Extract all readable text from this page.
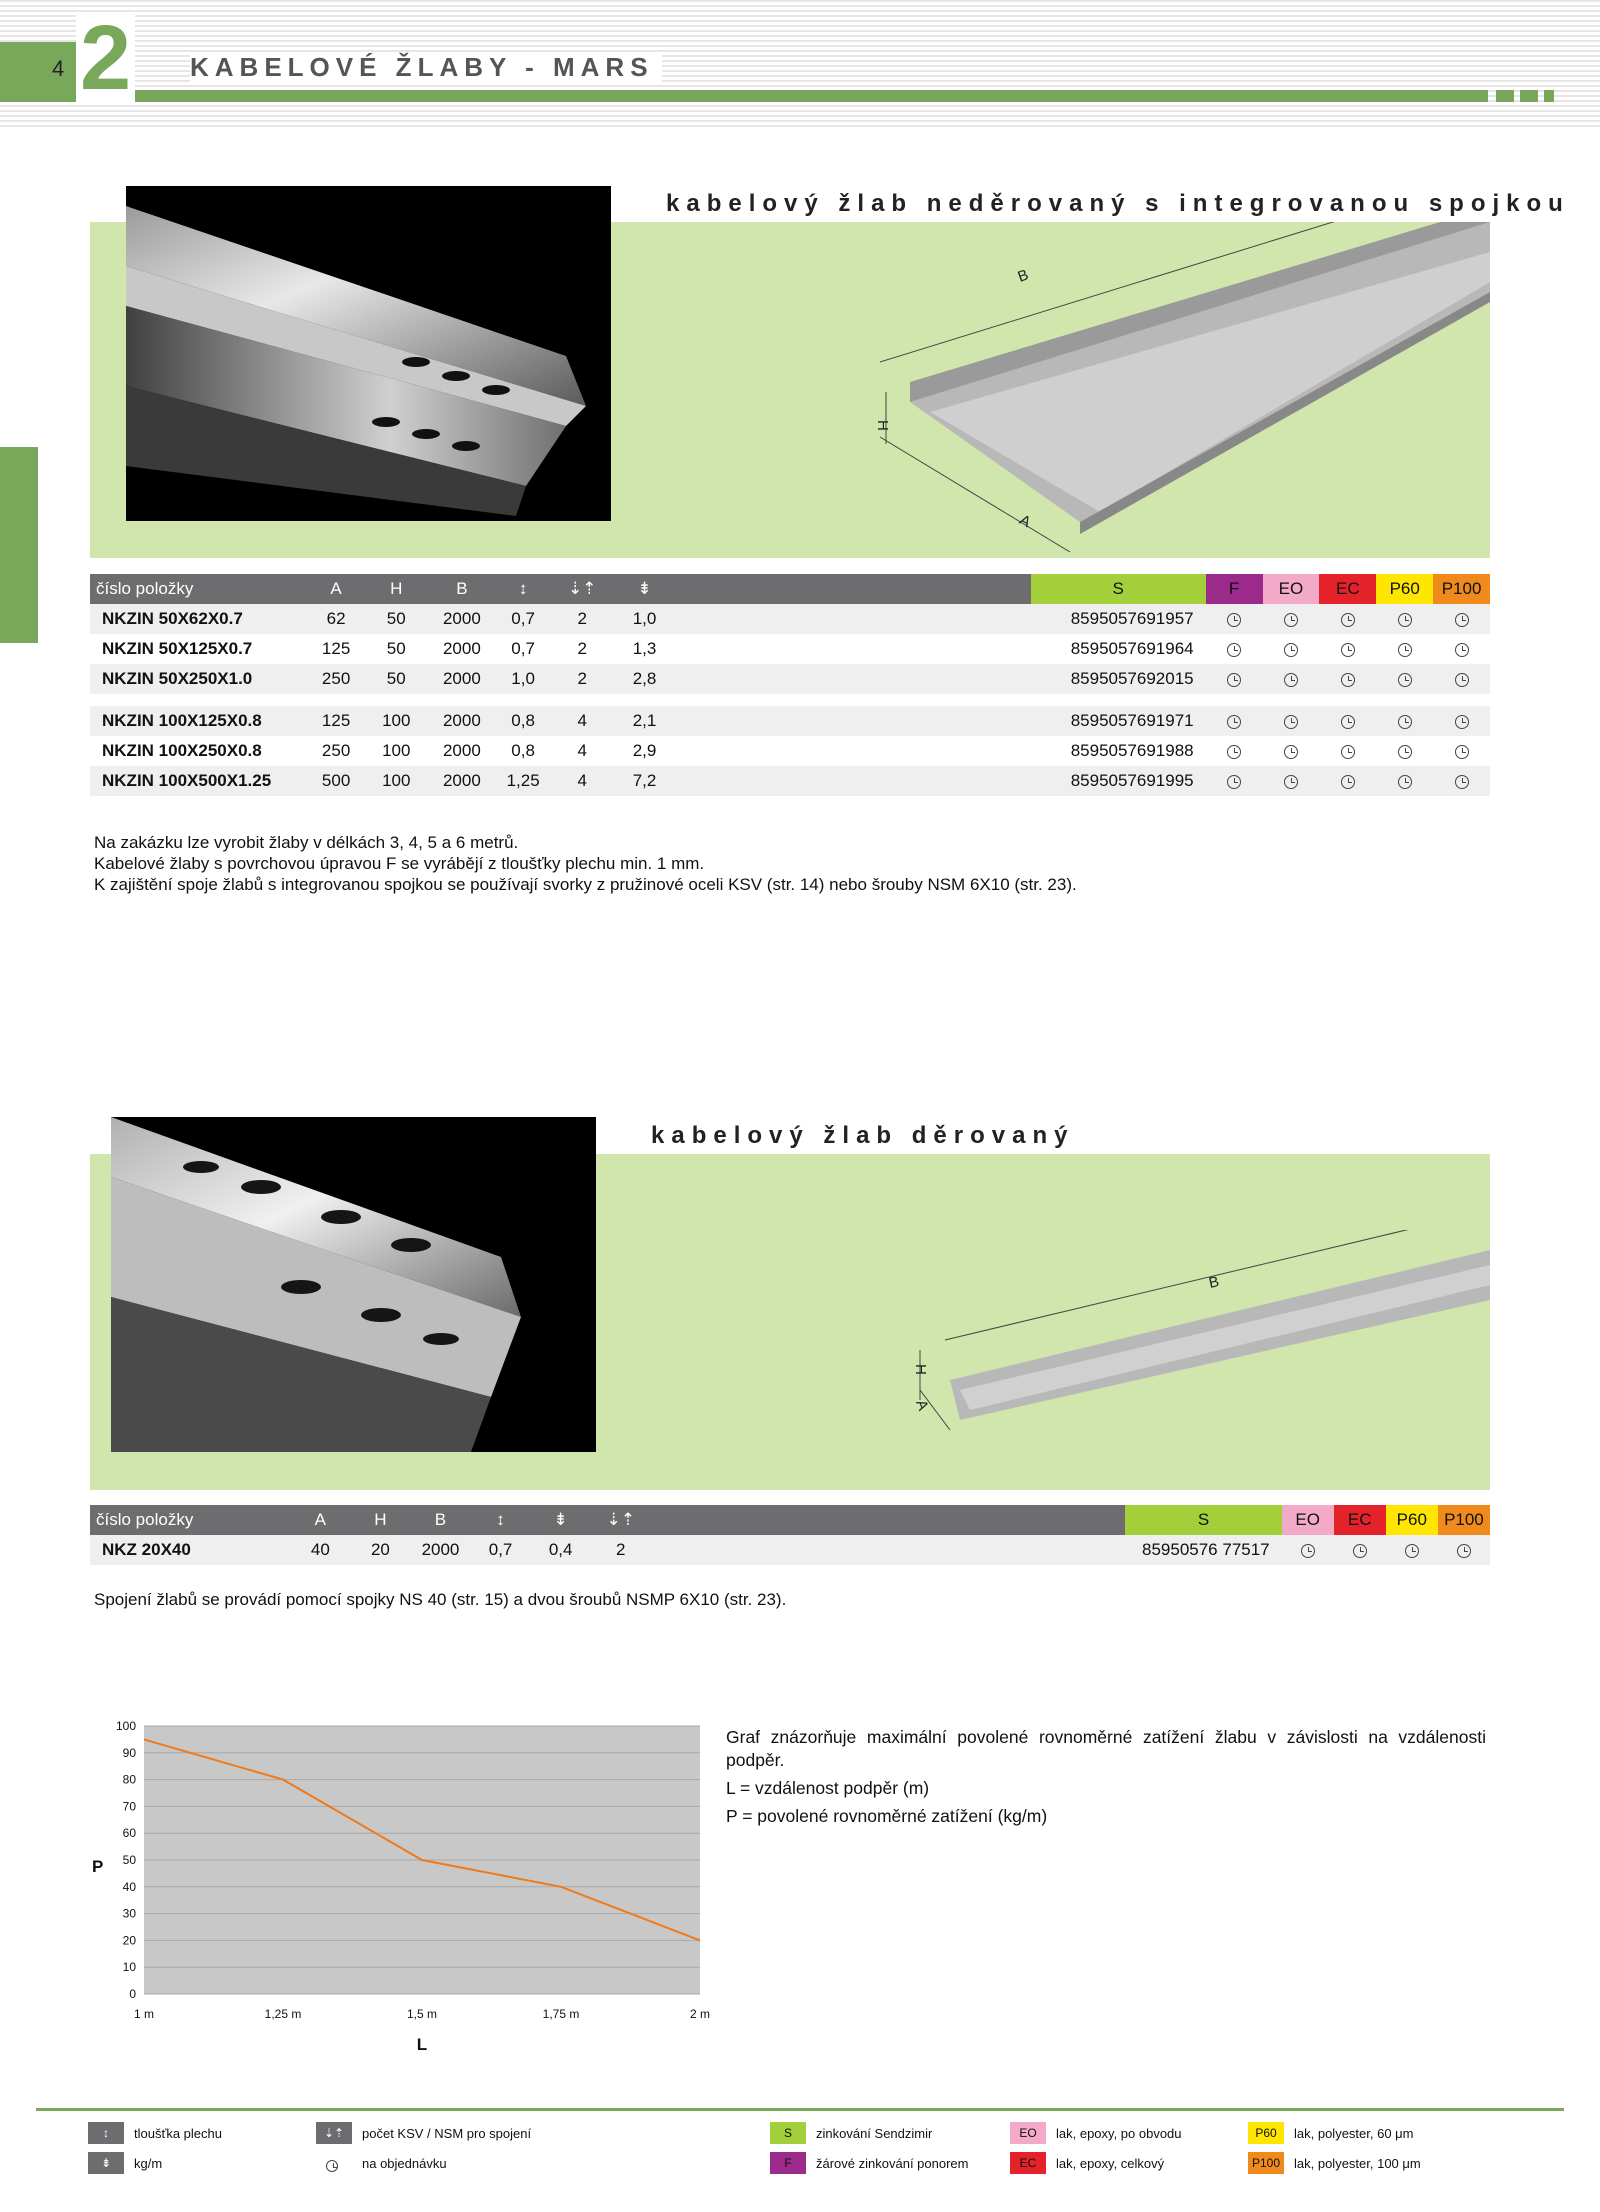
4 2 KABELOVÉ ŽLABY - MARS
kabelový žlab neděrovaný s integrovanou spojkou
A
B
H
číslo položky	A	H	B	↕	⇣⇡	⇟		S	F	EO	EC	P60	P100
NKZIN 50X62X0.7	62	50	2000	0,7	2	1,0		8595057691957					
NKZIN 50X125X0.7	125	50	2000	0,7	2	1,3		8595057691964					
NKZIN 50X250X1.0	250	50	2000	1,0	2	2,8		8595057692015					

NKZIN 100X125X0.8	125	100	2000	0,8	4	2,1		8595057691971					
NKZIN 100X250X0.8	250	100	2000	0,8	4	2,9		8595057691988					
NKZIN 100X500X1.25	500	100	2000	1,25	4	7,2		8595057691995					
Na zakázku lze vyrobit žlaby v délkách 3, 4, 5 a 6 metrů.
Kabelové žlaby s povrchovou úpravou F se vyrábějí z tloušťky plechu min. 1 mm.
K zajištění spoje žlabů s integrovanou spojkou se používají svorky z pružinové oceli KSV (str. 14) nebo šrouby NSM 6X10 (str. 23).
kabelový žlab děrovaný
B
H
A
číslo položky	A	H	B	↕	⇟	⇣⇡		S	EO	EC	P60	P100
NKZ 20X40	40	20	2000	0,7	0,4	2		85950576 77517				
Spojení žlabů se provádí pomocí spojky NS 40 (str. 15) a dvou šroubů NSMP 6X10 (str. 23).
0
10
20
30
40
50
60
70
80
90
100
1 m	1,25 m	1,5 m	1,75 m	2 m
L
P
Graf znázorňuje maximální povolené rovnoměrné zatížení žlabu v závislosti na vzdálenosti podpěr.
L = vzdálenost podpěr (m)
P = povolené rovnoměrné zatížení (kg/m)
↕	tloušťka plechu
⇟	kg/m
⇣⇡	počet KSV / NSM pro spojení
na objednávku
S	zinkování Sendzimir
F	žárové zinkování ponorem
EO	lak, epoxy, po obvodu
EC	lak, epoxy, celkový
P60	lak, polyester, 60 μm
P100	lak, polyester, 100 μm
